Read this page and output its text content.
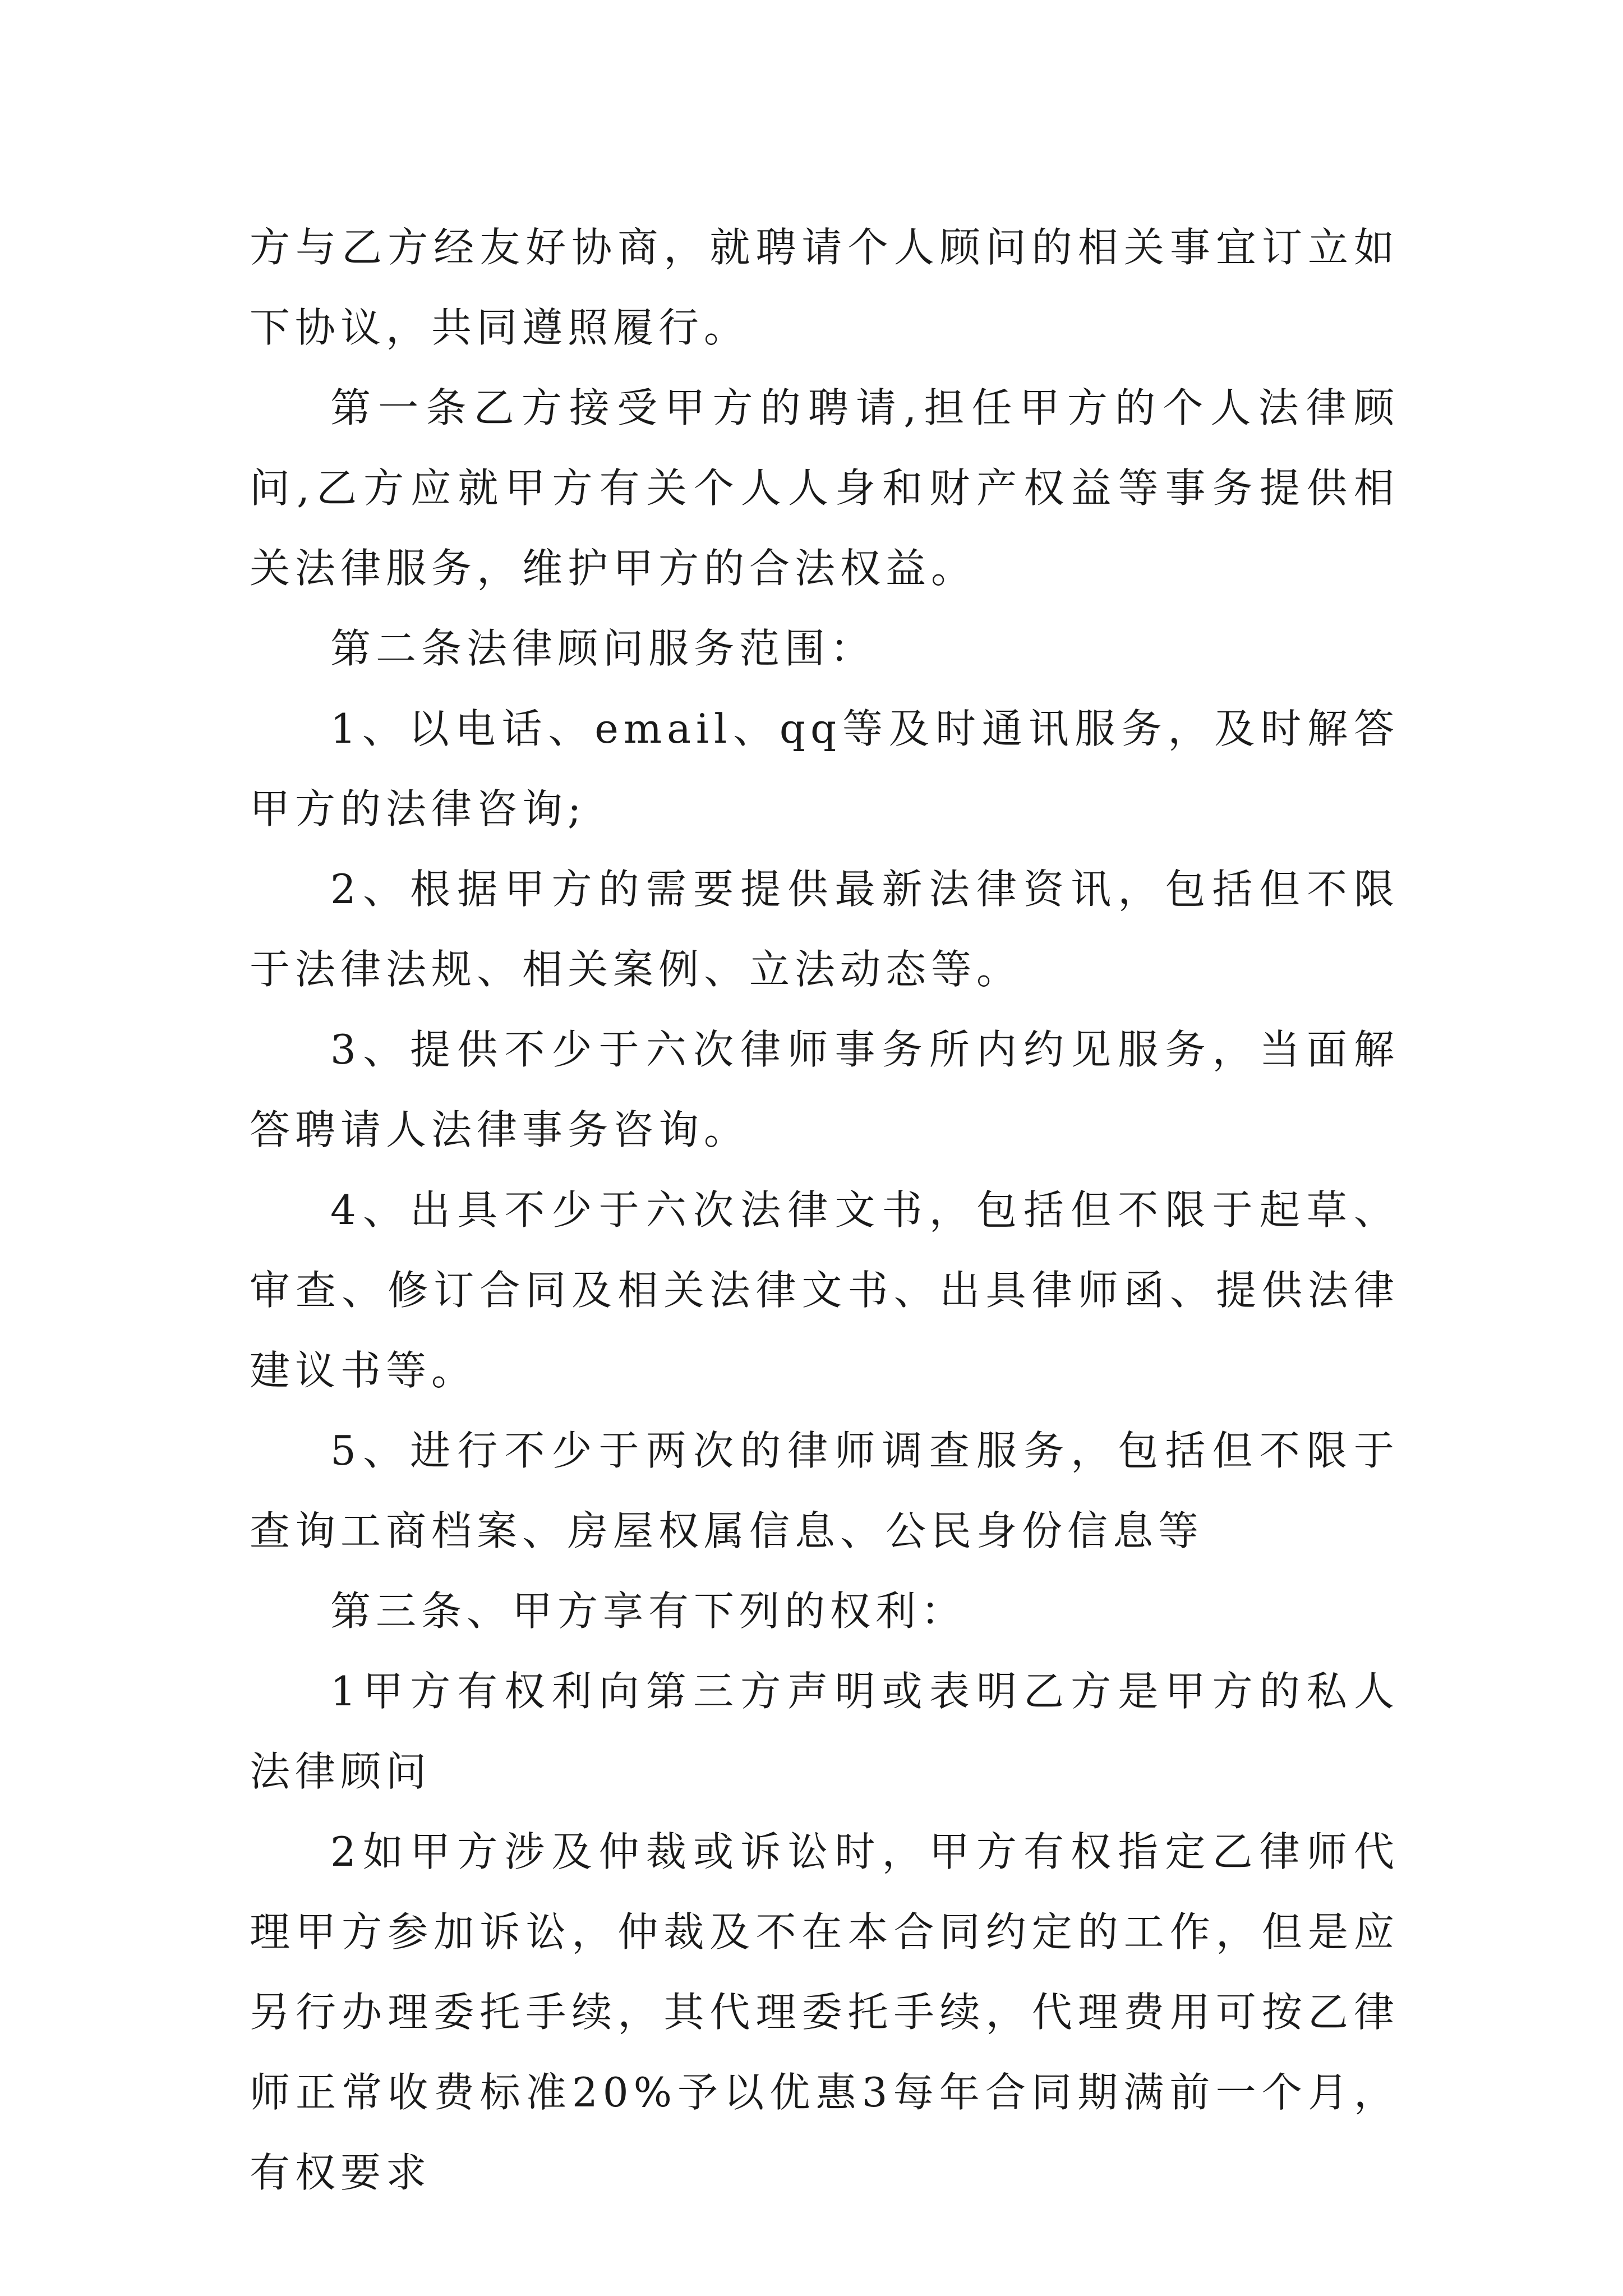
方与乙方经友好协商，就聘请个人顾问的相关事宜订立如下协议，共同遵照履行。

第一条乙方接受甲方的聘请,担任甲方的个人法律顾问,乙方应就甲方有关个人人身和财产权益等事务提供相关法律服务，维护甲方的合法权益。

第二条法律顾问服务范围：

1、以电话、email、qq等及时通讯服务，及时解答甲方的法律咨询;

2、根据甲方的需要提供最新法律资讯，包括但不限于法律法规、相关案例、立法动态等。

3、提供不少于六次律师事务所内约见服务，当面解答聘请人法律事务咨询。

4、出具不少于六次法律文书，包括但不限于起草、审查、修订合同及相关法律文书、出具律师函、提供法律建议书等。

5、进行不少于两次的律师调查服务，包括但不限于查询工商档案、房屋权属信息、公民身份信息等

第三条、甲方享有下列的权利：

1甲方有权利向第三方声明或表明乙方是甲方的私人法律顾问

2如甲方涉及仲裁或诉讼时，甲方有权指定乙律师代理甲方参加诉讼，仲裁及不在本合同约定的工作，但是应另行办理委托手续，其代理委托手续，代理费用可按乙律师正常收费标准20%予以优惠3每年合同期满前一个月，有权要求
